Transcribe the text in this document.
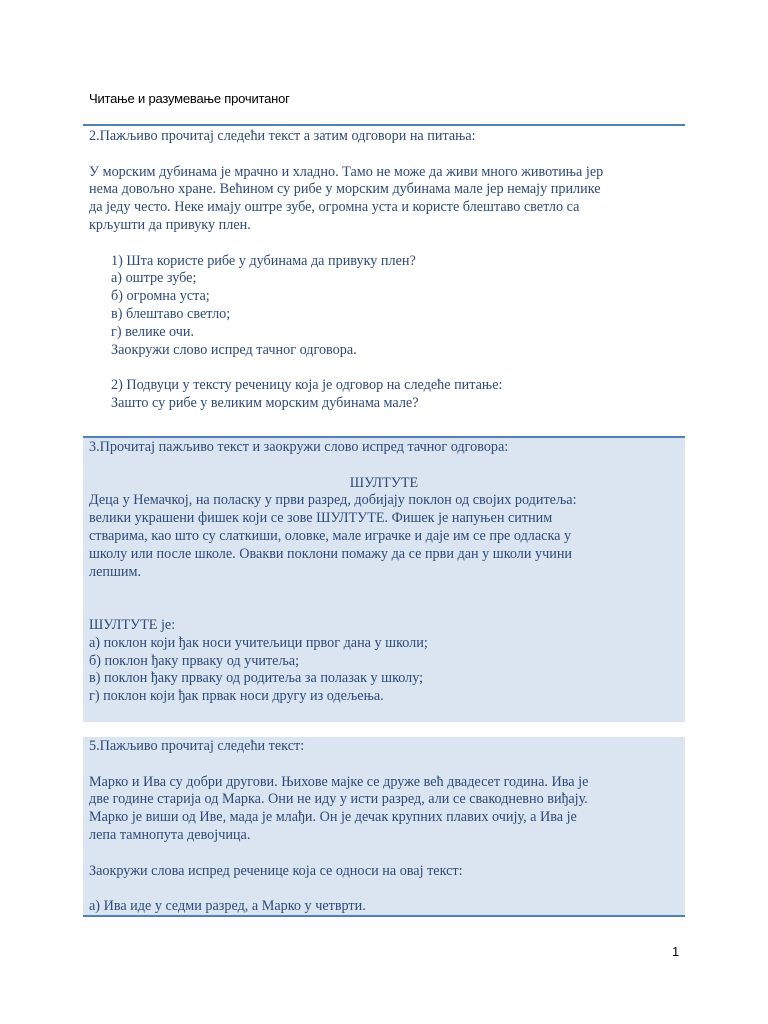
Читање и разумевање прочитаног
2.Пажљиво прочитај следећи текст а затим одговори на питања:
У морским дубинама је мрачно и хладно. Тамо не може да живи много животиња јер
нема довољно хране. Већином су рибе у морским дубинама мале јер немају прилике
да једу често. Неке имају оштре зубе, огромна уста и користе блештаво светло са
крљушти да привуку плен.
1) Шта користе рибе у дубинама да привуку плен?
а) оштре зубе;
б) огромна уста;
в) блештаво светло;
г) велике очи.
Заокружи слово испред тачног одговора.
2) Подвуци у тексту реченицу која је одговор на следеће питање:
Зашто су рибе у великим морским дубинама мале?
3.Прочитај пажљиво текст и заокружи слово испред тачног одговора:
ШУЛТУТЕ
Деца у Немачкој, на поласку у први разред, добијају поклон од својих родитеља:
велики украшени фишек који се зове ШУЛТУТЕ. Фишек је напуњен ситним
стварима, као што су слаткиши, оловке, мале играчке и даје им се пре одласка у
школу или после школе. Овакви поклони помажу да се први дан у школи учини
лепшим.
ШУЛТУТЕ је:
а) поклон који ђак носи учитељици првог дана у школи;
б) поклон ђаку прваку од учитеља;
в) поклон ђаку прваку од родитеља за полазак у школу;
г) поклон који ђак првак носи другу из одељења.
5.Пажљиво прочитај следећи текст:
Марко и Ива су добри другови. Њихове мајке се друже већ двадесет година. Ива је
две године старија од Марка. Они не иду у исти разред, али се свакодневно виђају.
Марко је виши од Иве, мада је млађи. Он је дечак крупних плавих очију, а Ива је
лепа тамнопута девојчица.
Заокружи слова испред реченице која се односи на овај текст:
а) Ива иде у седми разред, а Марко у четврти.
1
